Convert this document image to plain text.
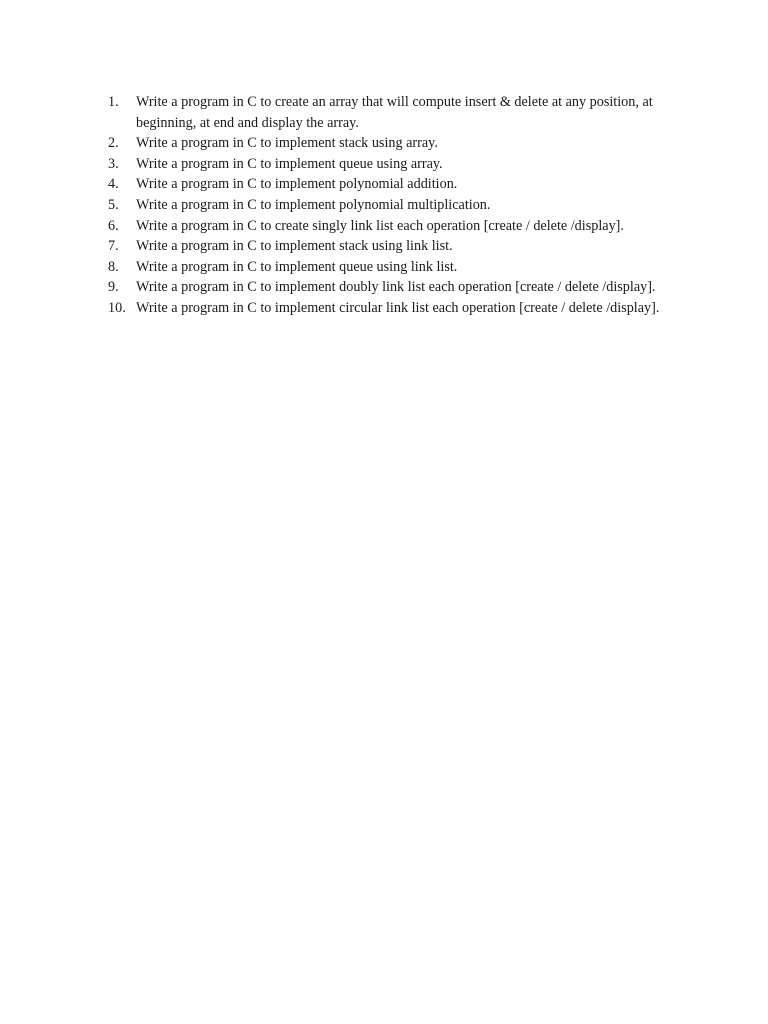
1.	Write a program in C to create an array that will compute insert & delete at any position, at beginning, at end and display the array.
2.	Write a program in C to implement stack using array.
3.	Write a program in C to implement queue using array.
4.	Write a program in C to implement polynomial addition.
5.	Write a program in C to implement polynomial multiplication.
6.	Write a program in C to create singly link list each operation [create / delete /display].
7.	Write a program in C to implement stack using link list.
8.	Write a program in C to implement queue using link list.
9.	Write a program in C to implement doubly link list each operation [create / delete /display].
10. Write a program in C to implement circular link list each operation [create / delete /display].
